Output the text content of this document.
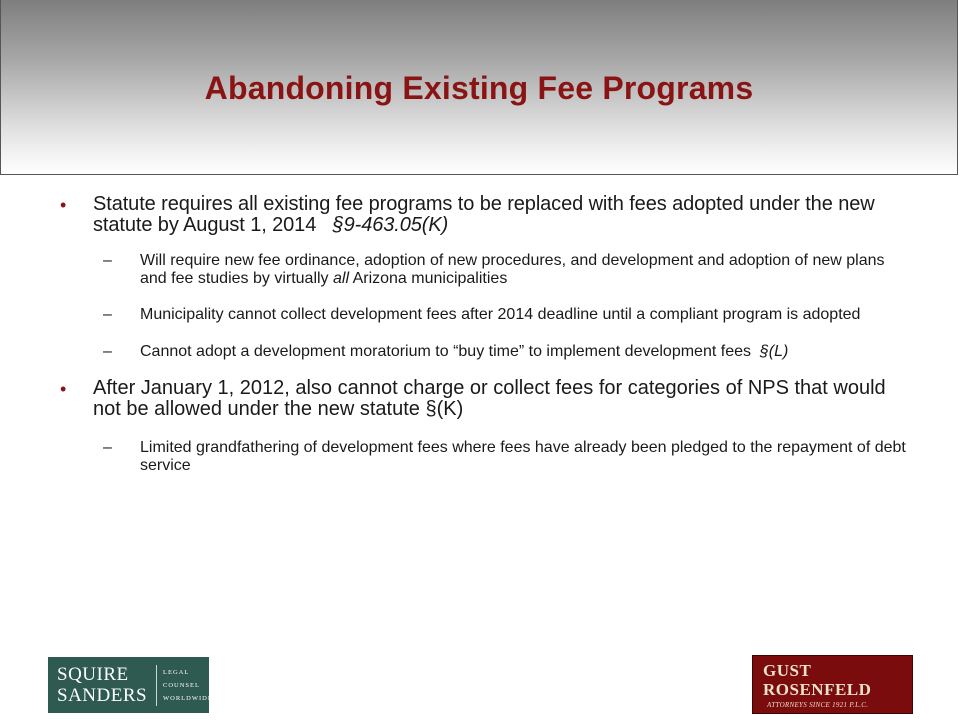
Abandoning Existing Fee Programs
• Statute requires all existing fee programs to be replaced with fees adopted under the new statute by August 1, 2014   §9-463.05(K)
– Will require new fee ordinance, adoption of new procedures, and development and adoption of new plans and fee studies by virtually all Arizona municipalities
– Municipality cannot collect development fees after 2014 deadline until a compliant program is adopted
– Cannot adopt a development moratorium to “buy time” to implement development fees  §(L)
• After January 1, 2012, also cannot charge or collect fees for categories of NPS that would not be allowed under the new statute §(K)
– Limited grandfathering of development fees where fees have already been pledged to the repayment of debt service
SQUIRE
SANDERS
LEGAL
COUNSEL
WORLDWIDE
GUST
ROSENFELD
ATTORNEYS SINCE 1921 P.L.C.
